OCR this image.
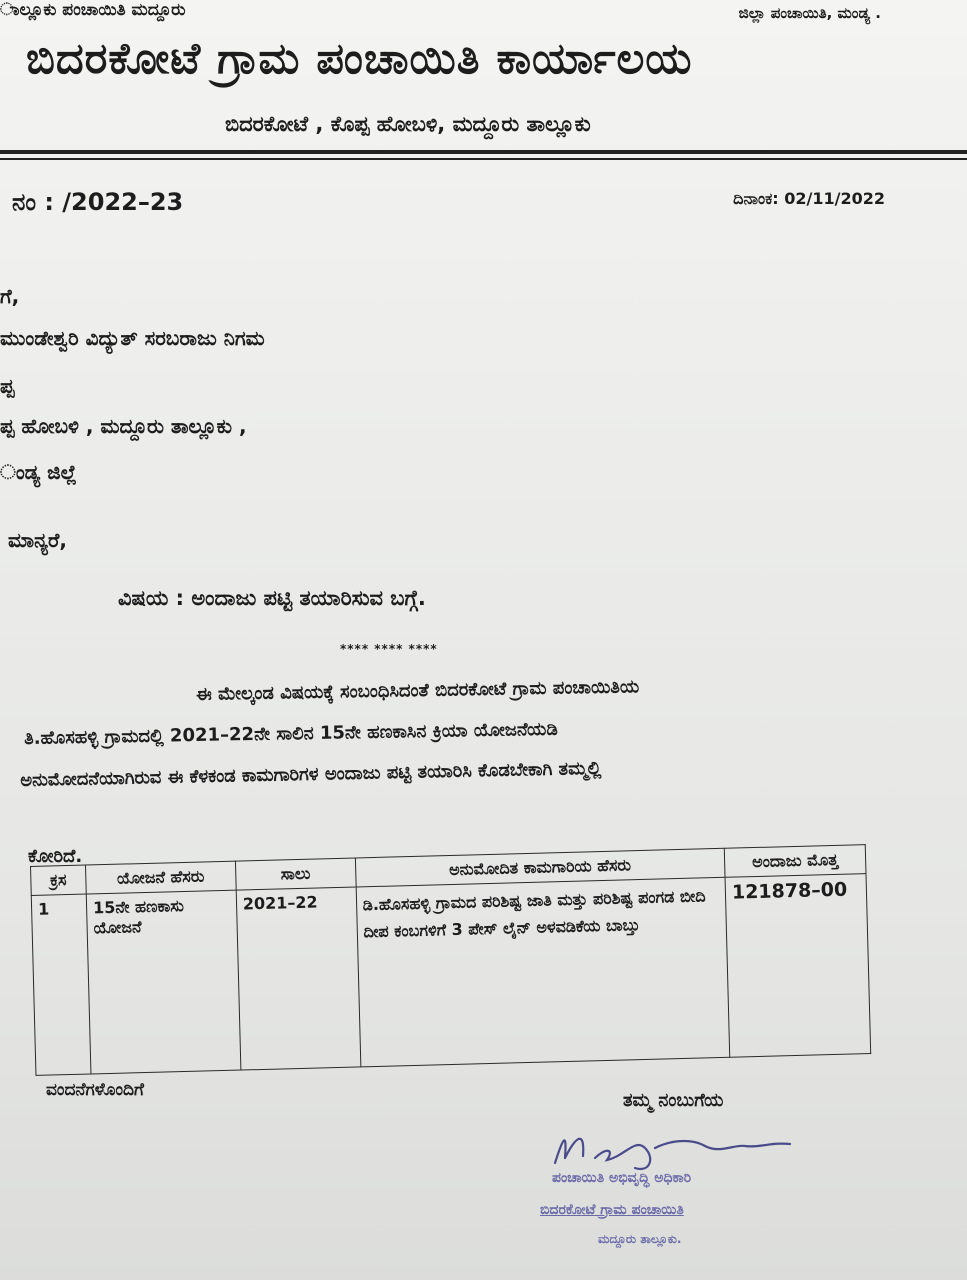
ಾಲ್ಲೂಕು ಪಂಚಾಯಿತಿ ಮದ್ದೂರು	ಜಿಲ್ಲಾ ಪಂಚಾಯಿತಿ, ಮಂಡ್ಯ .
ಬಿದರಕೋಟೆ ಗ್ರಾಮ ಪಂಚಾಯಿತಿ ಕಾರ್ಯಾಲಯ
ಬಿದರಕೋಟೆ , ಕೊಪ್ಪ ಹೋಬಳಿ, ಮದ್ದೂರು ತಾಲ್ಲೂಕು
ನಂ : /2022–23	ದಿನಾಂಕ: 02/11/2022
ಗೆ,
ಮುಂಡೇಶ್ವರಿ ವಿದ್ಯುತ್ ಸರಬರಾಜು ನಿಗಮ
ಪ್ಪ
ಪ್ಪ ಹೋಬಳಿ , ಮದ್ದೂರು ತಾಲ್ಲೂಕು ,
ಂಡ್ಯ ಜಿಲ್ಲೆ
ಮಾನ್ಯರೆ,
ವಿಷಯ : ಅಂದಾಜು ಪಟ್ಟಿ ತಯಾರಿಸುವ ಬಗ್ಗೆ.
**** **** ****
ಈ ಮೇಲ್ಕಂಡ ವಿಷಯಕ್ಕೆ ಸಂಬಂಧಿಸಿದಂತೆ ಬಿದರಕೋಟೆ ಗ್ರಾಮ ಪಂಚಾಯಿತಿಯ
ತಿ.ಹೊಸಹಳ್ಳಿ ಗ್ರಾಮದಲ್ಲಿ 2021–22ನೇ ಸಾಲಿನ 15ನೇ ಹಣಕಾಸಿನ ಕ್ರಿಯಾ ಯೋಜನೆಯಡಿ
ಅನುಮೋದನೆಯಾಗಿರುವ ಈ ಕೆಳಕಂಡ ಕಾಮಗಾರಿಗಳ ಅಂದಾಜು ಪಟ್ಟಿ ತಯಾರಿಸಿ ಕೊಡಬೇಕಾಗಿ ತಮ್ಮಲ್ಲಿ
ಕೋರಿದೆ.
ಕ್ರಸ	ಯೋಜನೆ ಹೆಸರು	ಸಾಲು	ಅನುಮೋದಿತ ಕಾಮಗಾರಿಯ ಹೆಸರು	ಅಂದಾಜು ಮೊತ್ತ
1	15ನೇ ಹಣಕಾಸು ಯೋಜನೆ	2021–22	ಡಿ.ಹೊಸಹಳ್ಳಿ ಗ್ರಾಮದ ಪರಿಶಿಷ್ಟ ಜಾತಿ ಮತ್ತು ಪರಿಶಿಷ್ಟ ಪಂಗಡ ಬೀದಿ ದೀಪ ಕಂಬಗಳಿಗೆ 3 ಪೇಸ್ ಲೈನ್ ಅಳವಡಿಕೆಯ ಬಾಬ್ತು	121878–00
ವಂದನೆಗಳೊಂದಿಗೆ	ತಮ್ಮ ನಂಬುಗೆಯ
ಪಂಚಾಯಿತಿ ಅಭಿವೃದ್ಧಿ ಅಧಿಕಾರಿ
ಬಿದರಕೋಟೆ ಗ್ರಾಮ ಪಂಚಾಯಿತಿ
ಮದ್ದೂರು ತಾಲ್ಲೂಕು.
